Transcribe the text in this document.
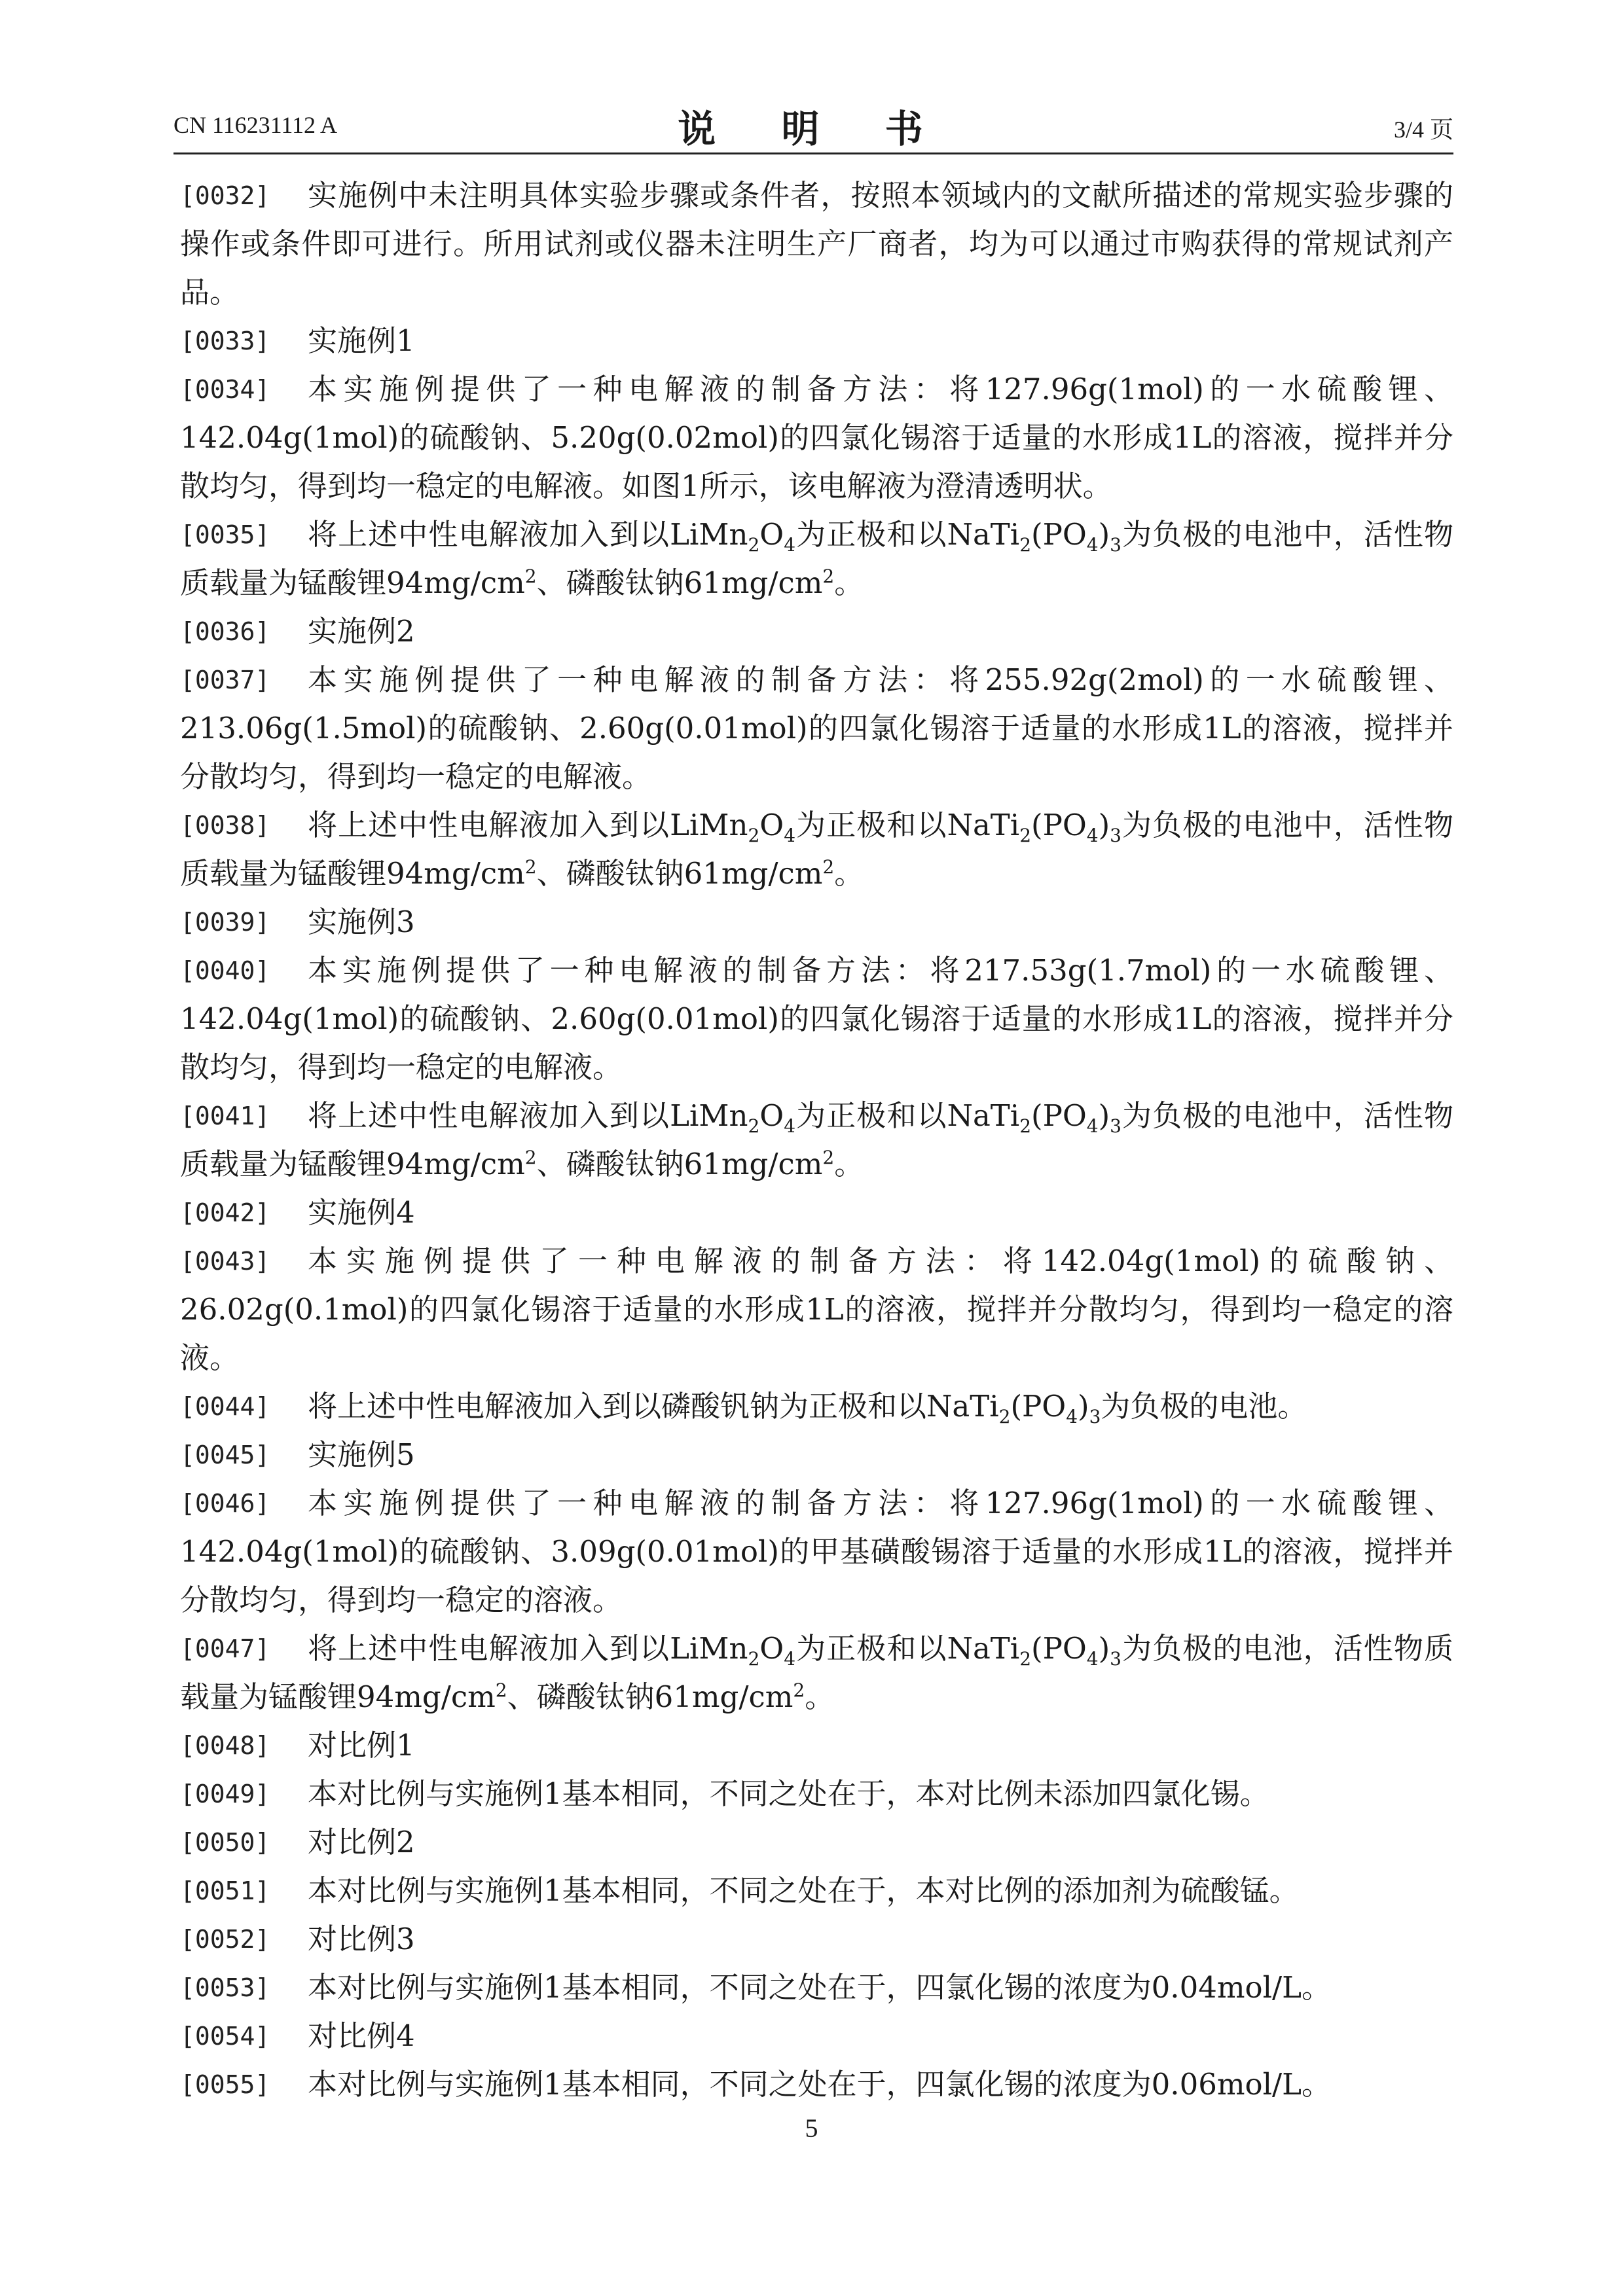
CN 116231112 A	说 明 书	3/4 页
[0032]	实施例中未注明具体实验步骤或条件者，按照本领域内的文献所描述的常规实验步骤的操作或条件即可进行。所用试剂或仪器未注明生产厂商者，均为可以通过市购获得的常规试剂产品。
[0033]	实施例1
[0034]	本实施例提供了一种电解液的制备方法：将127.96g(1mol)的一水硫酸锂、142.04g(1mol)的硫酸钠、5.20g(0.02mol)的四氯化锡溶于适量的水形成1L的溶液，搅拌并分散均匀，得到均一稳定的电解液。如图1所示，该电解液为澄清透明状。
[0035]	将上述中性电解液加入到以$LiMn_2O_4$为正极和以$NaTi_2(PO_4)_3$为负极的电池中，活性物质载量为锰酸锂$94mg/cm^2$、磷酸钛钠$61mg/cm^2$。
[0036]	实施例2
[0037]	本实施例提供了一种电解液的制备方法：将255.92g(2mol)的一水硫酸锂、213.06g(1.5mol)的硫酸钠、2.60g(0.01mol)的四氯化锡溶于适量的水形成1L的溶液，搅拌并分散均匀，得到均一稳定的电解液。
[0038]	将上述中性电解液加入到以$LiMn_2O_4$为正极和以$NaTi_2(PO_4)_3$为负极的电池中，活性物质载量为锰酸锂$94mg/cm^2$、磷酸钛钠$61mg/cm^2$。
[0039]	实施例3
[0040]	本实施例提供了一种电解液的制备方法：将217.53g(1.7mol)的一水硫酸锂、142.04g(1mol)的硫酸钠、2.60g(0.01mol)的四氯化锡溶于适量的水形成1L的溶液，搅拌并分散均匀，得到均一稳定的电解液。
[0041]	将上述中性电解液加入到以$LiMn_2O_4$为正极和以$NaTi_2(PO_4)_3$为负极的电池中，活性物质载量为锰酸锂$94mg/cm^2$、磷酸钛钠$61mg/cm^2$。
[0042]	实施例4
[0043]	本实施例提供了一种电解液的制备方法：将142.04g(1mol)的硫酸钠、26.02g(0.1mol)的四氯化锡溶于适量的水形成1L的溶液，搅拌并分散均匀，得到均一稳定的溶液。
[0044]	将上述中性电解液加入到以磷酸钒钠为正极和以$NaTi_2(PO_4)_3$为负极的电池。
[0045]	实施例5
[0046]	本实施例提供了一种电解液的制备方法：将127.96g(1mol)的一水硫酸锂、142.04g(1mol)的硫酸钠、3.09g(0.01mol)的甲基磺酸锡溶于适量的水形成1L的溶液，搅拌并分散均匀，得到均一稳定的溶液。
[0047]	将上述中性电解液加入到以$LiMn_2O_4$为正极和以$NaTi_2(PO_4)_3$为负极的电池，活性物质载量为锰酸锂$94mg/cm^2$、磷酸钛钠$61mg/cm^2$。
[0048]	对比例1
[0049]	本对比例与实施例1基本相同，不同之处在于，本对比例未添加四氯化锡。
[0050]	对比例2
[0051]	本对比例与实施例1基本相同，不同之处在于，本对比例的添加剂为硫酸锰。
[0052]	对比例3
[0053]	本对比例与实施例1基本相同，不同之处在于，四氯化锡的浓度为0.04mol/L。
[0054]	对比例4
[0055]	本对比例与实施例1基本相同，不同之处在于，四氯化锡的浓度为0.06mol/L。
5
